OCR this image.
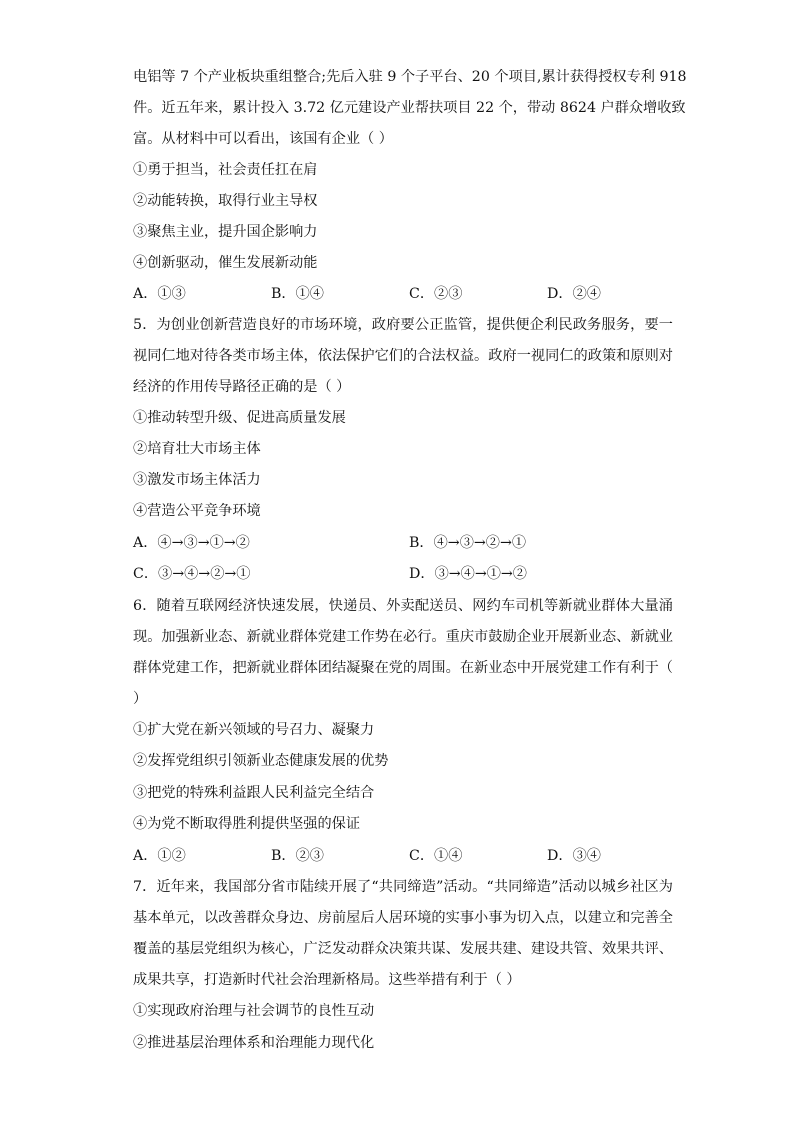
电铝等 7 个产业板块重组整合;先后入驻 9 个子平台、20 个项目,累计获得授权专利 918
件。近五年来，累计投入 3.72 亿元建设产业帮扶项目 22 个，带动 8624 户群众增收致
富。从材料中可以看出，该国有企业（ ）
①勇于担当，社会责任扛在肩
②动能转换，取得行业主导权
③聚焦主业，提升国企影响力
④创新驱动，催生发展新动能
A．①③	B．①④	C．②③	D．②④
5．为创业创新营造良好的市场环境，政府要公正监管，提供便企利民政务服务，要一
视同仁地对待各类市场主体，依法保护它们的合法权益。政府一视同仁的政策和原则对
经济的作用传导路径正确的是（ ）
①推动转型升级、促进高质量发展
②培育壮大市场主体
③激发市场主体活力
④营造公平竞争环境
A．④→③→①→②	B．④→③→②→①
C．③→④→②→①	D．③→④→①→②
6．随着互联网经济快速发展，快递员、外卖配送员、网约车司机等新就业群体大量涌
现。加强新业态、新就业群体党建工作势在必行。重庆市鼓励企业开展新业态、新就业
群体党建工作，把新就业群体团结凝聚在党的周围。在新业态中开展党建工作有利于（
）
①扩大党在新兴领域的号召力、凝聚力
②发挥党组织引领新业态健康发展的优势
③把党的特殊利益跟人民利益完全结合
④为党不断取得胜利提供坚强的保证
A．①②	B．②③	C．①④	D．③④
7．近年来，我国部分省市陆续开展了“共同缔造”活动。“共同缔造”活动以城乡社区为
基本单元，以改善群众身边、房前屋后人居环境的实事小事为切入点，以建立和完善全
覆盖的基层党组织为核心，广泛发动群众决策共谋、发展共建、建设共管、效果共评、
成果共享，打造新时代社会治理新格局。这些举措有利于（ ）
①实现政府治理与社会调节的良性互动
②推进基层治理体系和治理能力现代化
